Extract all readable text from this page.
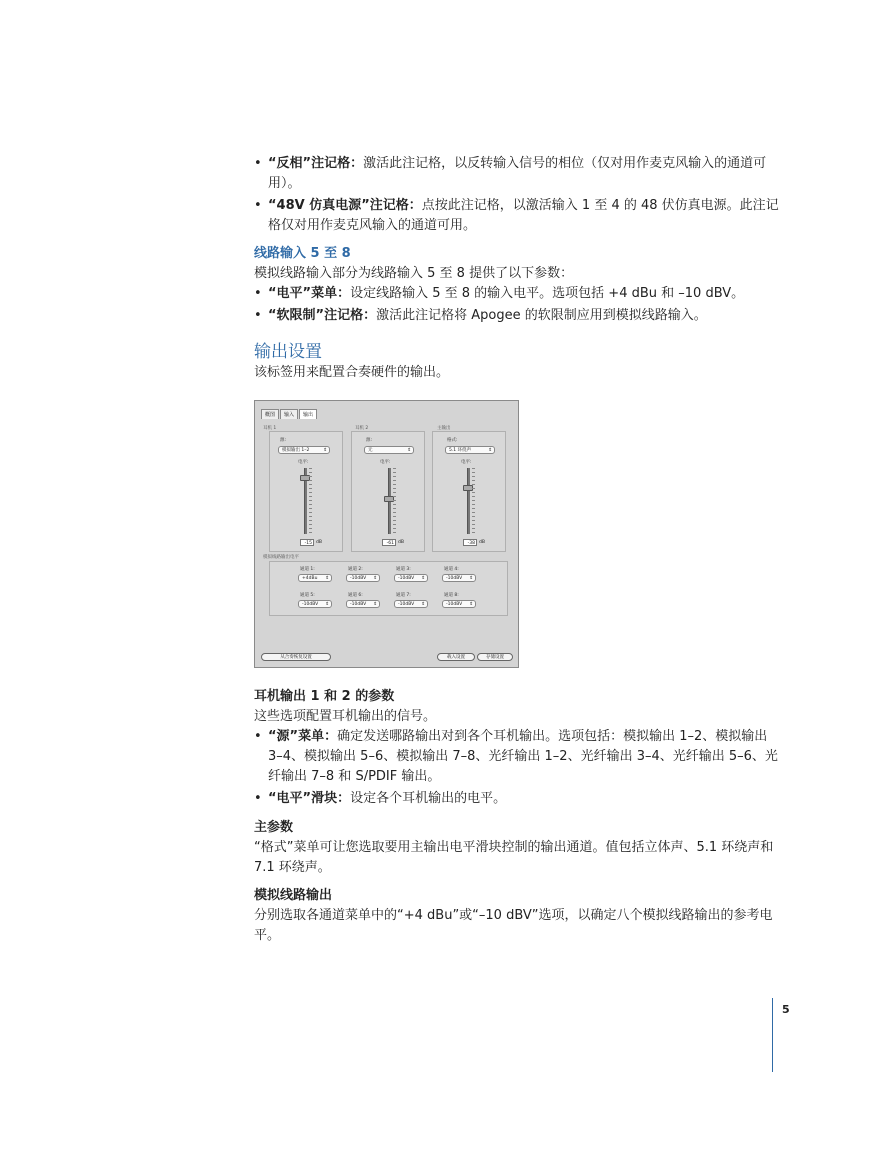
• “反相”注记格：激活此注记格，以反转输入信号的相位（仅对用作麦克风输入的通道可用）。

• “48V 仿真电源”注记格：点按此注记格，以激活输入 1 至 4 的 48 伏仿真电源。此注记格仅对用作麦克风输入的通道可用。

线路输入 5 至 8

模拟线路输入部分为线路输入 5 至 8 提供了以下参数：

• “电平”菜单：设定线路输入 5 至 8 的输入电平。选项包括 +4 dBu 和 –10 dBV。

• “软限制”注记格：激活此注记格将 Apogee 的软限制应用到模拟线路输入。

输出设置

该标签用来配置合奏硬件的输出。

概图	输入	输出
耳机 1
源:
模拟输出 1–2	⇕
电平:
-15 dB
耳机 2
源:
无	⇕
电平:
-61 dB
主输出
格式:
5.1 环绕声	⇕
电平:
-38 dB
模拟线路输出电平
通道 1:
+4dBu ⇕
通道 2:
-10dBV ⇕
通道 3:
-10dBV ⇕
通道 4:
-10dBV ⇕
通道 5:
-10dBV ⇕
通道 6:
-10dBV ⇕
通道 7:
-10dBV ⇕
通道 8:
-10dBV ⇕
从合奏恢复设置	载入设置	存储设置

耳机输出 1 和 2 的参数

这些选项配置耳机输出的信号。

• “源”菜单：确定发送哪路输出对到各个耳机输出。选项包括：模拟输出 1–2、模拟输出 3–4、模拟输出 5–6、模拟输出 7–8、光纤输出 1–2、光纤输出 3–4、光纤输出 5–6、光纤输出 7–8 和 S/PDIF 输出。

• “电平”滑块：设定各个耳机输出的电平。

主参数

“格式”菜单可让您选取要用主输出电平滑块控制的输出通道。值包括立体声、5.1 环绕声和 7.1 环绕声。

模拟线路输出

分别选取各通道菜单中的“+4 dBu”或“–10 dBV”选项，以确定八个模拟线路输出的参考电平。

5
